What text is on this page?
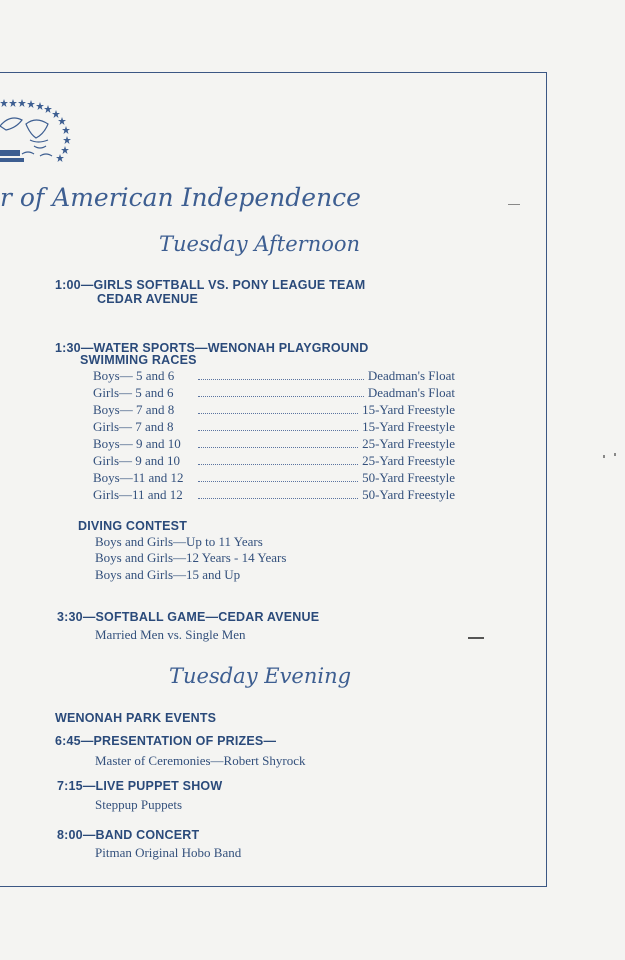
r of American Independence
Tuesday Afternoon
1:00—GIRLS SOFTBALL VS. PONY LEAGUE TEAM
CEDAR AVENUE
1:30—WATER SPORTS—WENONAH PLAYGROUND
SWIMMING RACES
Boys— 5 and 6	Deadman's Float
Girls— 5 and 6	Deadman's Float
Boys— 7 and 8	15-Yard Freestyle
Girls— 7 and 8	15-Yard Freestyle
Boys— 9 and 10	25-Yard Freestyle
Girls— 9 and 10	25-Yard Freestyle
Boys—11 and 12	50-Yard Freestyle
Girls—11 and 12	50-Yard Freestyle
DIVING CONTEST
Boys and Girls—Up to 11 Years
Boys and Girls—12 Years - 14 Years
Boys and Girls—15 and Up
3:30—SOFTBALL GAME—CEDAR AVENUE
Married Men vs. Single Men
Tuesday Evening
WENONAH PARK EVENTS
6:45—PRESENTATION OF PRIZES—
Master of Ceremonies—Robert Shyrock
7:15—LIVE PUPPET SHOW
Steppup Puppets
8:00—BAND CONCERT
Pitman Original Hobo Band
